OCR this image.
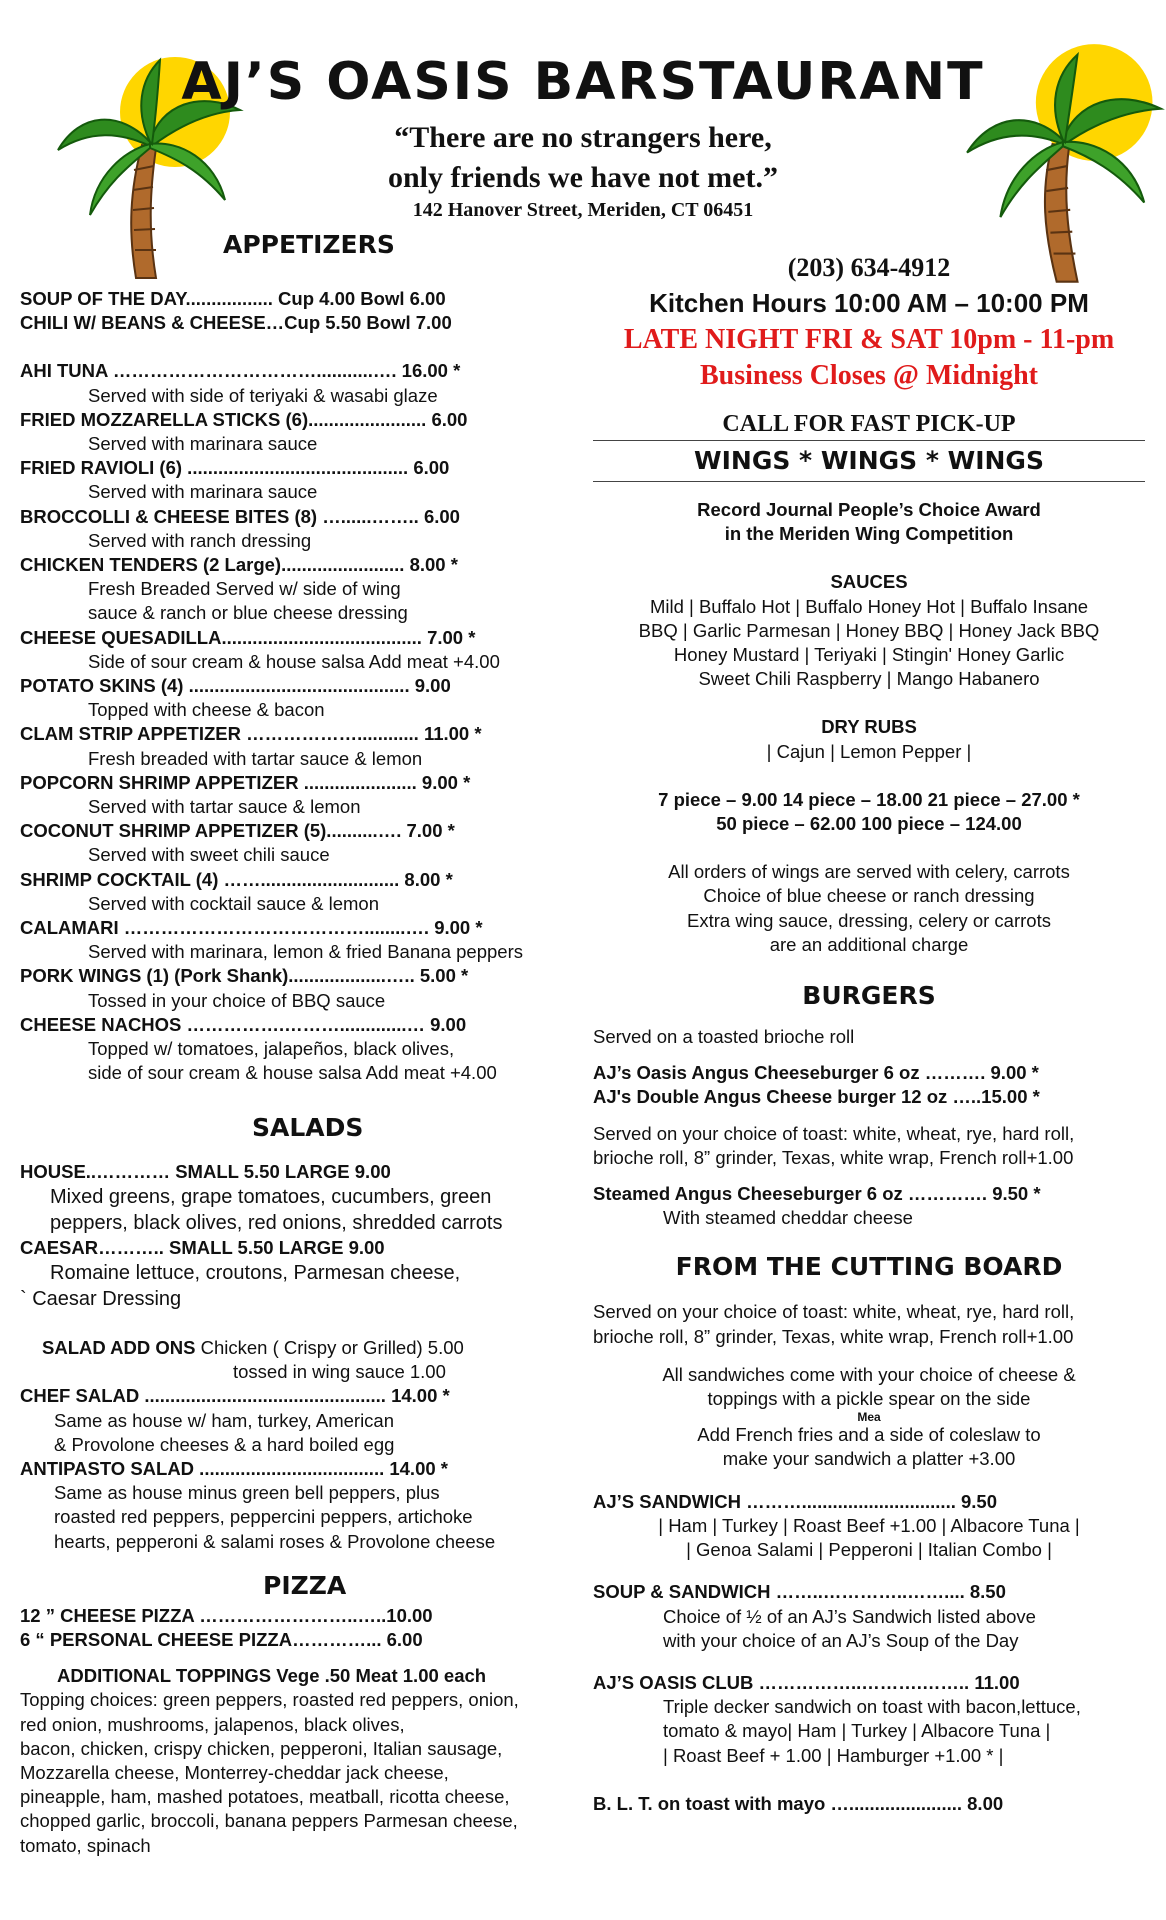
AJ’S OASIS BARSTAURANT
“There are no strangers here,
only friends we have not met.”
142 Hanover Street, Meriden, CT 06451
APPETIZERS
SOUP OF THE DAY................. Cup 4.00 Bowl 6.00
CHILI W/ BEANS & CHEESE…Cup 5.50 Bowl 7.00
AHI TUNA ……………………………...........…. 16.00 *
Served with side of teriyaki & wasabi glaze
FRIED MOZZARELLA STICKS (6)....................... 6.00
Served with marinara sauce
FRIED RAVIOLI (6) ........................................... 6.00
Served with marinara sauce
BROCCOLLI & CHEESE BITES (8) …......…….. 6.00
Served with ranch dressing
CHICKEN TENDERS (2 Large)........................ 8.00 *
Fresh Breaded Served w/ side of wing
sauce & ranch or blue cheese dressing
CHEESE QUESADILLA....................................... 7.00 *
Side of sour cream & house salsa Add meat +4.00
POTATO SKINS (4) ........................................... 9.00
Topped with cheese & bacon
CLAM STRIP APPETIZER ………………............ 11.00 *
Fresh breaded with tartar sauce & lemon
POPCORN SHRIMP APPETIZER ...................... 9.00 *
Served with tartar sauce & lemon
COCONUT SHRIMP APPETIZER (5)..........…. 7.00 *
Served with sweet chili sauce
SHRIMP COCKTAIL (4) ……........................... 8.00 *
Served with cocktail sauce & lemon
CALAMARI …………………………………........…. 9.00 *
Served with marinara, lemon & fried Banana peppers
PORK WINGS (1) (Pork Shank)...................….. 5.00 *
Tossed in your choice of BBQ sauce
CHEESE NACHOS …………….……….............… 9.00
Topped w/ tomatoes, jalapeños, black olives,
side of sour cream & house salsa Add meat +4.00
SALADS
HOUSE..………… SMALL 5.50 LARGE 9.00
Mixed greens, grape tomatoes, cucumbers, green
peppers, black olives, red onions, shredded carrots
CAESAR……….. SMALL 5.50 LARGE 9.00
Romaine lettuce, croutons, Parmesan cheese,
` Caesar Dressing
SALAD ADD ONS Chicken ( Crispy or Grilled) 5.00
tossed in wing sauce 1.00
CHEF SALAD ............................................... 14.00 *
Same as house w/ ham, turkey, American
& Provolone cheeses & a hard boiled egg
ANTIPASTO SALAD .................................... 14.00 *
Same as house minus green bell peppers, plus
roasted red peppers, peppercini peppers, artichoke
hearts, pepperoni & salami roses & Provolone cheese
PIZZA
12 ” CHEESE PIZZA ……………………..…..10.00
6 “ PERSONAL CHEESE PIZZA…………... 6.00
ADDITIONAL TOPPINGS Vege .50 Meat 1.00 each
Topping choices: green peppers, roasted red peppers, onion,
red onion, mushrooms, jalapenos, black olives,
bacon, chicken, crispy chicken, pepperoni, Italian sausage,
Mozzarella cheese, Monterrey-cheddar jack cheese,
pineapple, ham, mashed potatoes, meatball, ricotta cheese,
chopped garlic, broccoli, banana peppers Parmesan cheese,
tomato, spinach
(203) 634-4912
Kitchen Hours 10:00 AM – 10:00 PM
LATE NIGHT FRI & SAT 10pm - 11-pm
Business Closes @ Midnight
CALL FOR FAST PICK-UP
WINGS * WINGS * WINGS
Record Journal People’s Choice Award
in the Meriden Wing Competition
SAUCES
Mild | Buffalo Hot | Buffalo Honey Hot | Buffalo Insane
BBQ | Garlic Parmesan | Honey BBQ | Honey Jack BBQ
Honey Mustard | Teriyaki | Stingin' Honey Garlic
Sweet Chili Raspberry | Mango Habanero
DRY RUBS
| Cajun | Lemon Pepper |
7 piece – 9.00 14 piece – 18.00 21 piece – 27.00 *
50 piece – 62.00 100 piece – 124.00
All orders of wings are served with celery, carrots
Choice of blue cheese or ranch dressing
Extra wing sauce, dressing, celery or carrots
are an additional charge
BURGERS
Served on a toasted brioche roll
AJ’s Oasis Angus Cheeseburger 6 oz ………. 9.00 *
AJ's Double Angus Cheese burger 12 oz …..15.00 *
Served on your choice of toast: white, wheat, rye, hard roll,
brioche roll, 8” grinder, Texas, white wrap, French roll+1.00
Steamed Angus Cheeseburger 6 oz …………. 9.50 *
With steamed cheddar cheese
FROM THE CUTTING BOARD
Served on your choice of toast: white, wheat, rye, hard roll,
brioche roll, 8” grinder, Texas, white wrap, French roll+1.00
All sandwiches come with your choice of cheese &
toppings with a pickle spear on the side
Mea
Add French fries and a side of coleslaw to
make your sandwich a platter +3.00
AJ’S SANDWICH ……….............................. 9.50
| Ham | Turkey | Roast Beef +1.00 | Albacore Tuna |
| Genoa Salami | Pepperoni | Italian Combo |
SOUP & SANDWICH ……..…………..…….... 8.50
Choice of ½ of an AJ’s Sandwich listed above
with your choice of an AJ’s Soup of the Day
AJ’S OASIS CLUB ……………..……….…….. 11.00
Triple decker sandwich on toast with bacon,lettuce,
tomato & mayo| Ham | Turkey | Albacore Tuna |
| Roast Beef + 1.00 | Hamburger +1.00 * |
B. L. T. on toast with mayo …...................... 8.00
